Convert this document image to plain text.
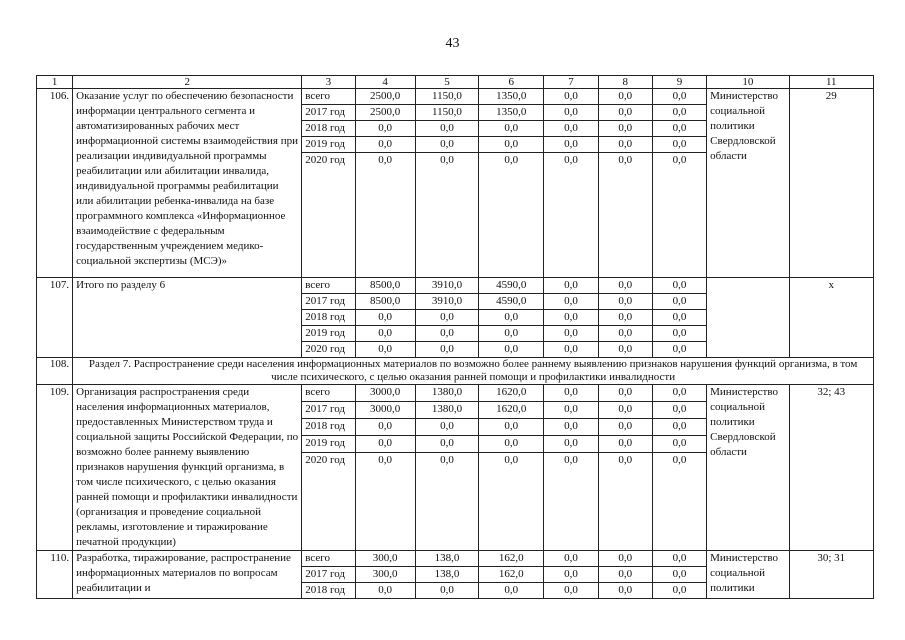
43
1	2	3	4	5	6	7	8	9	10	11
106.	Оказание услуг по обеспечению безопасности информации центрального сегмента и автоматизированных рабочих мест информационной системы взаимодействия при реализации индивидуальной программы реабилитации или абилитации инвалида, индивидуальной программы реабилитации или абилитации ребенка-инвалида на базе программного комплекса «Информационное взаимодействие с федеральным государственным учреждением медико-социальной экспертизы (МСЭ)»	всего	2500,0	1150,0	1350,0	0,0	0,0	0,0	Министерство социальной политики Свердловской области	29
		2017 год	2500,0	1150,0	1350,0	0,0	0,0	0,0		
		2018 год	0,0	0,0	0,0	0,0	0,0	0,0		
		2019 год	0,0	0,0	0,0	0,0	0,0	0,0		
		2020 год	0,0	0,0	0,0	0,0	0,0	0,0		
107.	Итого по разделу 6	всего	8500,0	3910,0	4590,0	0,0	0,0	0,0		х
		2017 год	8500,0	3910,0	4590,0	0,0	0,0	0,0		
		2018 год	0,0	0,0	0,0	0,0	0,0	0,0		
		2019 год	0,0	0,0	0,0	0,0	0,0	0,0		
		2020 год	0,0	0,0	0,0	0,0	0,0	0,0		
108.	Раздел 7. Распространение среди населения информационных материалов по возможно более раннему выявлению признаков нарушения функций организма, в том числе психического, с целью оказания ранней помощи и профилактики инвалидности									
109.	Организация распространения среди населения информационных материалов, предоставленных Министерством труда и социальной защиты Российской Федерации, по возможно более раннему выявлению признаков нарушения функций организма, в том числе психического, с целью оказания ранней помощи и профилактики инвалидности (организация и проведение социальной рекламы, изготовление и тиражирование печатной продукции)	всего	3000,0	1380,0	1620,0	0,0	0,0	0,0	Министерство социальной политики Свердловской области	32; 43
		2017 год	3000,0	1380,0	1620,0	0,0	0,0	0,0		
		2018 год	0,0	0,0	0,0	0,0	0,0	0,0		
		2019 год	0,0	0,0	0,0	0,0	0,0	0,0		
		2020 год	0,0	0,0	0,0	0,0	0,0	0,0		
110.	Разработка, тиражирование, распространение информационных материалов по вопросам реабилитации и	всего	300,0	138,0	162,0	0,0	0,0	0,0	Министерство социальной политики	30; 31
		2017 год	300,0	138,0	162,0	0,0	0,0	0,0		
		2018 год	0,0	0,0	0,0	0,0	0,0	0,0		
